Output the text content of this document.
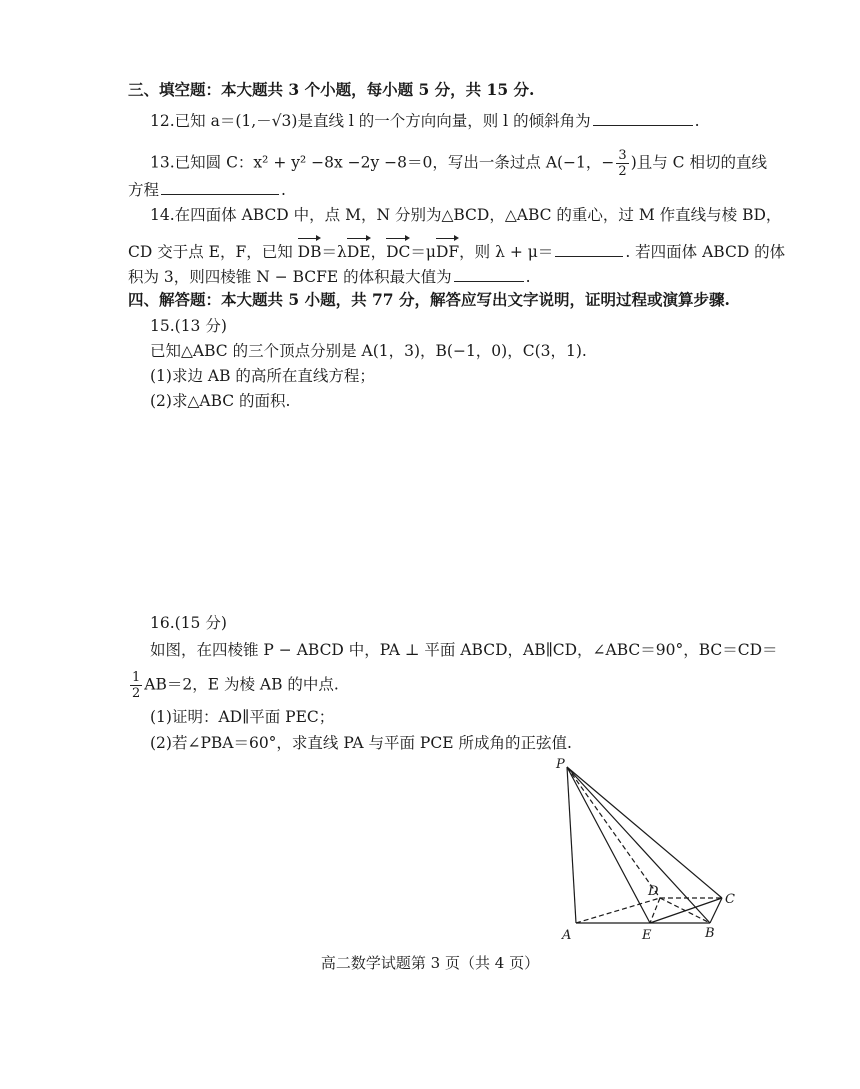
三、填空题：本大题共 3 个小题，每小题 5 分，共 15 分.
12.已知 a＝(1,－√3)是直线 l 的一个方向向量，则 l 的倾斜角为	.
13.已知圆 C：x² + y² −8x −2y −8＝0，写出一条过点 A(−1，− $\frac{3}{2}$ )且与 C 相切的直线
方程	.
14.在四面体 ABCD 中，点 M，N 分别为△BCD，△ABC 的重心，过 M 作直线与棱 BD，
CD 交于点 E，F，已知 DB＝λDE，DC＝μDF，则 λ + μ＝	. 若四面体 ABCD 的体
积为 3，则四棱锥 N − BCFE 的体积最大值为	.
四、解答题：本大题共 5 小题，共 77 分，解答应写出文字说明，证明过程或演算步骤.
15.(13 分)
已知△ABC 的三个顶点分别是 A(1，3)，B(−1，0)，C(3，1).
(1)求边 AB 的高所在直线方程；
(2)求△ABC 的面积.
16.(15 分)
如图，在四棱锥 P − ABCD 中，PA ⊥ 平面 ABCD，AB∥CD，∠ABC＝90°，BC＝CD＝
$\frac{1}{2} AB=2$，E 为棱 AB 的中点.
(1)证明：AD∥平面 PEC；
(2)若∠PBA＝60°，求直线 PA 与平面 PCE 所成角的正弦值.
P
A	E	B
C
D
高二数学试题第 3 页（共 4 页）
